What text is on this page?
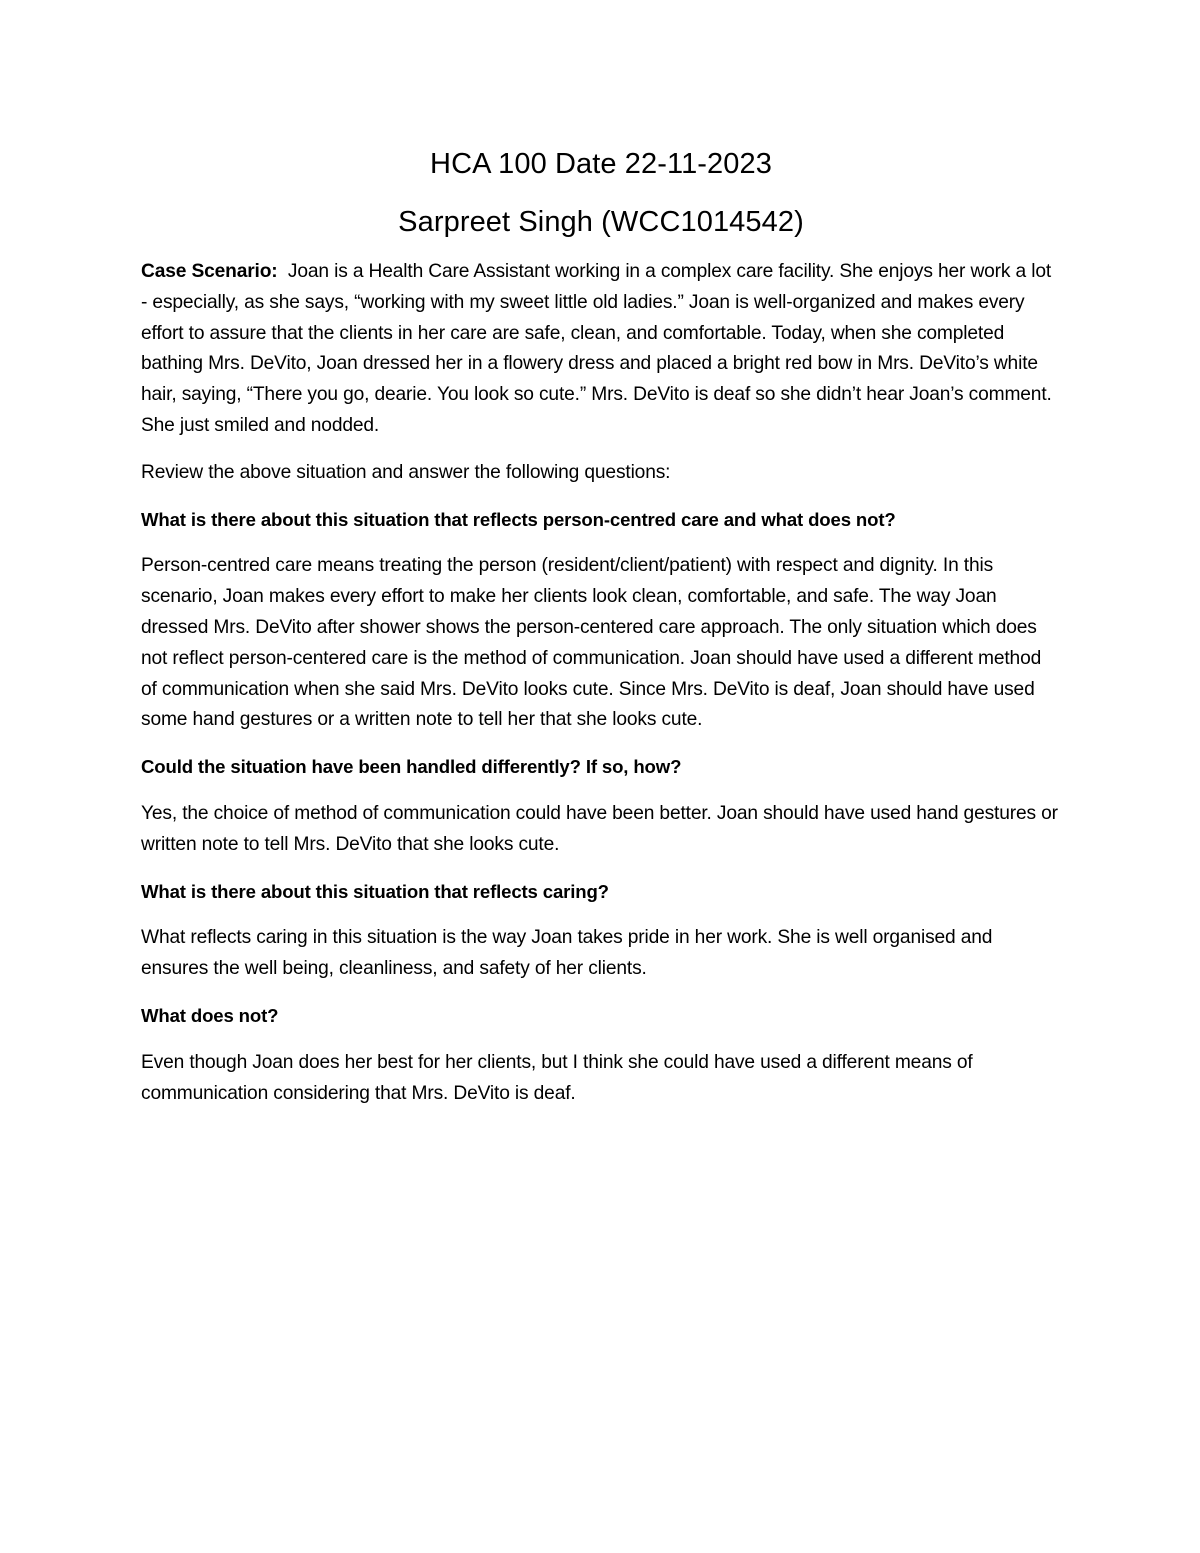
HCA 100 Date 22-11-2023
Sarpreet Singh (WCC1014542)

Case Scenario:  Joan is a Health Care Assistant working in a complex care facility. She enjoys her work a lot - especially, as she says, “working with my sweet little old ladies.” Joan is well-organized and makes every effort to assure that the clients in her care are safe, clean, and comfortable. Today, when she completed bathing Mrs. DeVito, Joan dressed her in a flowery dress and placed a bright red bow in Mrs. DeVito’s white hair, saying, “There you go, dearie. You look so cute.” Mrs. DeVito is deaf so she didn’t hear Joan’s comment. She just smiled and nodded.

Review the above situation and answer the following questions:

What is there about this situation that reflects person-centred care and what does not?

Person-centred care means treating the person (resident/client/patient) with respect and dignity. In this scenario, Joan makes every effort to make her clients look clean, comfortable, and safe. The way Joan dressed Mrs. DeVito after shower shows the person-centered care approach. The only situation which does not reflect person-centered care is the method of communication. Joan should have used a different method of communication when she said Mrs. DeVito looks cute. Since Mrs. DeVito is deaf, Joan should have used some hand gestures or a written note to tell her that she looks cute.

Could the situation have been handled differently? If so, how?

Yes, the choice of method of communication could have been better. Joan should have used hand gestures or written note to tell Mrs. DeVito that she looks cute.

What is there about this situation that reflects caring?

What reflects caring in this situation is the way Joan takes pride in her work. She is well organised and ensures the well being, cleanliness, and safety of her clients.

What does not?

Even though Joan does her best for her clients, but I think she could have used a different means of communication considering that Mrs. DeVito is deaf.
